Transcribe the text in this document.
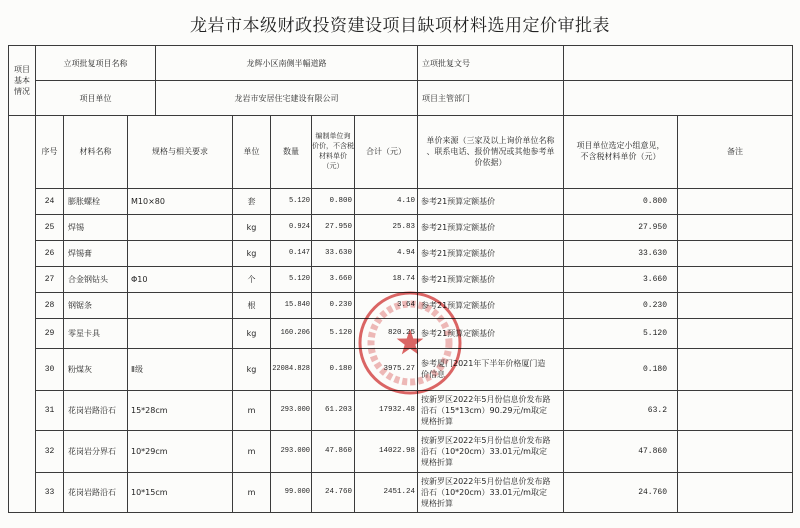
龙岩市本级财政投资建设项目缺项材料选用定价审批表
项目基本情况	立项批复项目名称	龙辉小区南侧半幅道路	立项批复文号	
	项目单位	龙岩市安居住宅建设有限公司	项目主管部门	
	序号	材料名称	规格与相关要求	单位	数量	编制单位询
价价，不含税
材料单价
（元）	合计（元）	单价来源（三家及以上询价单位名称
、联系电话、报价情况或其他参考单
价依据）	项目单位选定小组意见，
不含税材料单价（元）	备注
	24	膨胀螺栓	M10×80	套	5.120	0.800	4.10	参考21预算定额基价	0.800	
	25	焊锡		kg	0.924	27.950	25.83	参考21预算定额基价	27.950	
	26	焊锡膏		kg	0.147	33.630	4.94	参考21预算定额基价	33.630	
	27	合金钢钻头	Φ10	个	5.120	3.660	18.74	参考21预算定额基价	3.660	
	28	钢锯条		根	15.840	0.230	3.64	参考21预算定额基价	0.230	
	29	零星卡具		kg	160.206	5.120	820.25	参考21预算定额基价	5.120	
	30	粉煤灰	Ⅱ级	kg	22084.828	0.180	3975.27	参考厦门2021年下半年价格厦门造价信息	0.180	
	31	花岗岩路沿石	15*28cm	m	293.000	61.203	17932.48	按新罗区2022年5月份信息价发布路沿石（15*13cm）90.29元/m取定规格折算	63.2	
	32	花岗岩分界石	10*29cm	m	293.000	47.860	14022.98	按新罗区2022年5月份信息价发布路沿石（10*20cm）33.01元/m取定规格折算	47.860	
	33	花岗岩路沿石	10*15cm	m	99.000	24.760	2451.24	按新罗区2022年5月份信息价发布路沿石（10*20cm）33.01元/m取定规格折算	24.760	
